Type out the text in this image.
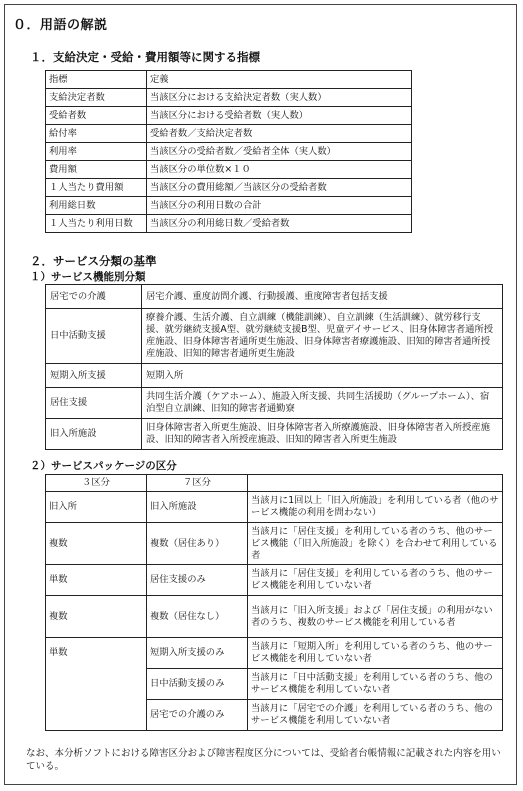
０．用語の解説
１．支給決定・受給・費用額等に関する指標
指標	定義
支給決定者数	当該区分における支給決定者数（実人数）
受給者数	当該区分における受給者数（実人数）
給付率	受給者数／支給決定者数
利用率	当該区分の受給者数／受給者全体（実人数）
費用額	当該区分の単位数×１０
１人当たり費用額	当該区分の費用総額／当該区分の受給者数
利用総日数	当該区分の利用日数の合計
１人当たり利用日数	当該区分の利用総日数／受給者数
２．サービス分類の基準
１）サービス機能別分類
居宅での介護	居宅介護、重度訪問介護、行動援護、重度障害者包括支援
日中活動支援	療養介護、生活介護、自立訓練（機能訓練）、自立訓練（生活訓練）、就労移行支援、就労継続支援A型、就労継続支援B型、児童デイサービス、旧身体障害者通所授産施設、旧身体障害者通所更生施設、旧身体障害者療護施設、旧知的障害者通所授産施設、旧知的障害者通所更生施設
短期入所支援	短期入所
居住支援	共同生活介護（ケアホーム）、施設入所支援、共同生活援助（グループホーム）、宿泊型自立訓練、旧知的障害者通勤寮
旧入所施設	旧身体障害者入所更生施設、旧身体障害者入所療護施設、旧身体障害者入所授産施設、旧知的障害者入所授産施設、旧知的障害者入所更生施設
２）サービスパッケージの区分
３区分	７区分	
旧入所	旧入所施設	当該月に1回以上「旧入所施設」を利用している者（他のサービス機能の利用を問わない）
複数	複数（居住あり）	当該月に「居住支援」を利用している者のうち、他のサービス機能（「旧入所施設」を除く）を合わせて利用している者
単数	居住支援のみ	当該月に「居住支援」を利用している者のうち、他のサービス機能を利用していない者
複数	複数（居住なし）	当該月に「旧入所支援」および「居住支援」の利用がない者のうち、複数のサービス機能を利用している者
単数	短期入所支援のみ	当該月に「短期入所」を利用している者のうち、他のサービス機能を利用していない者
	日中活動支援のみ	当該月に「日中活動支援」を利用している者のうち、他のサービス機能を利用していない者
	居宅での介護のみ	当該月に「居宅での介護」を利用している者のうち、他のサービス機能を利用していない者
なお、本分析ソフトにおける障害区分および障害程度区分については、受給者台帳情報に記載された内容を用いている。
